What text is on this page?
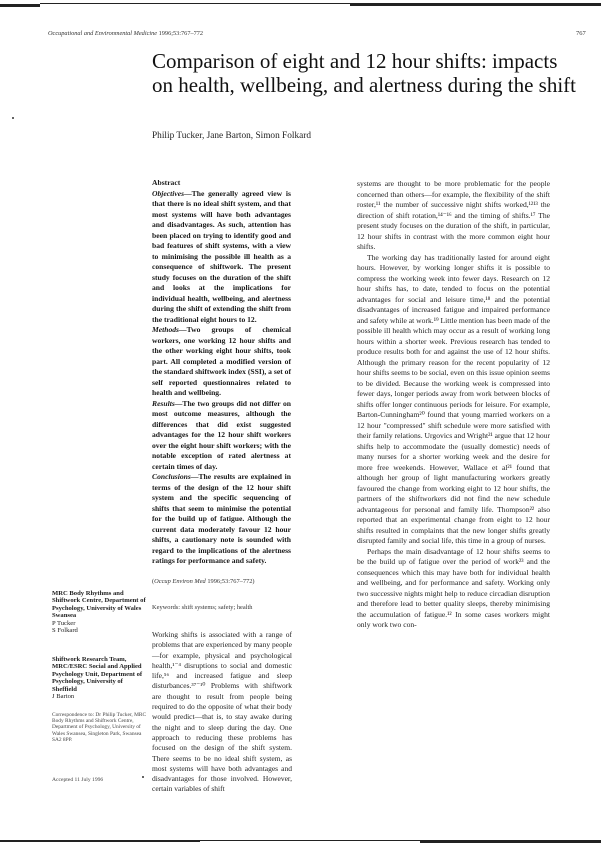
Occupational and Environmental Medicine 1996;53:767–772	767
Comparison of eight and 12 hour shifts: impacts on health, wellbeing, and alertness during the shift
Philip Tucker, Jane Barton, Simon Folkard
Abstract
Objectives—The generally agreed view is that there is no ideal shift system, and that most systems will have both advantages and disadvantages. As such, attention has been placed on trying to identify good and bad features of shift systems, with a view to minimising the possible ill health as a consequence of shiftwork. The present study focuses on the duration of the shift and looks at the implications for individual health, wellbeing, and alertness during the shift of extending the shift from the traditional eight hours to 12.
Methods—Two groups of chemical workers, one working 12 hour shifts and the other working eight hour shifts, took part. All completed a modified version of the standard shiftwork index (SSI), a set of self reported questionnaires related to health and wellbeing.
Results—The two groups did not differ on most outcome measures, although the differences that did exist suggested advantages for the 12 hour shift workers over the eight hour shift workers; with the notable exception of rated alertness at certain times of day.
Conclusions—The results are explained in terms of the design of the 12 hour shift system and the specific sequencing of shifts that seem to minimise the potential for the build up of fatigue. Although the current data moderately favour 12 hour shifts, a cautionary note is sounded with regard to the implications of the alertness ratings for performance and safety.
(Occup Environ Med 1996;53:767–772)
Keywords: shift systems; safety; health
Working shifts is associated with a range of problems that are experienced by many people—for example, physical and psychological health,¹⁻⁴ disruptions to social and domestic life,⁵⁶ and increased fatigue and sleep disturbances.³⁷⁻¹⁰ Problems with shiftwork are thought to result from people being required to do the opposite of what their body would predict—that is, to stay awake during the night and to sleep during the day. One approach to reducing these problems has focused on the design of the shift system. There seems to be no ideal shift system, as most systems will have both advantages and disadvantages for those involved. However, certain variables of shift

systems are thought to be more problematic for the people concerned than others—for example, the flexibility of the shift roster,¹¹ the number of successive night shifts worked,¹²¹³ the direction of shift rotation,¹⁴⁻¹⁶ and the timing of shifts.¹⁷ The present study focuses on the duration of the shift, in particular, 12 hour shifts in contrast with the more common eight hour shifts.

The working day has traditionally lasted for around eight hours. However, by working longer shifts it is possible to compress the working week into fewer days. Research on 12 hour shifts has, to date, tended to focus on the potential advantages for social and leisure time,¹⁸ and the potential disadvantages of increased fatigue and impaired performance and safety while at work.¹⁹ Little mention has been made of the possible ill health which may occur as a result of working long hours within a shorter week. Previous research has tended to produce results both for and against the use of 12 hour shifts. Although the primary reason for the recent popularity of 12 hour shifts seems to be social, even on this issue opinion seems to be divided. Because the working week is compressed into fewer days, longer periods away from work between blocks of shifts offer longer continuous periods for leisure. For example, Barton-Cunningham²⁰ found that young married workers on a 12 hour "compressed" shift schedule were more satisfied with their family relations. Urgovics and Wright²¹ argue that 12 hour shifts help to accommodate the (usually domestic) needs of many nurses for a shorter working week and the desire for more free weekends. However, Wallace et al²¹ found that although her group of light manufacturing workers greatly favoured the change from working eight to 12 hour shifts, the partners of the shiftworkers did not find the new schedule advantageous for personal and family life. Thompson²² also reported that an experimental change from eight to 12 hour shifts resulted in complaints that the new longer shifts greatly disrupted family and social life, this time in a group of nurses.

Perhaps the main disadvantage of 12 hour shifts seems to be the build up of fatigue over the period of work²³ and the consequences which this may have both for individual health and wellbeing, and for performance and safety. Working only two successive nights might help to reduce circadian disruption and therefore lead to better quality sleeps, thereby minimising the accumulation of fatigue.¹² In some cases workers might only work two con-

MRC Body Rhythms and Shiftwork Centre, Department of Psychology, University of Wales Swansea
P Tucker
S Folkard
Shiftwork Research Team, MRC/ESRC Social and Applied Psychology Unit, Department of Psychology, University of Sheffield
J Barton
Correspondence to: Dr Philip Tucker, MRC Body Rhythms and Shiftwork Centre, Department of Psychology, University of Wales Swansea, Singleton Park, Swansea SA2 8PP.
Accepted 11 July 1996
